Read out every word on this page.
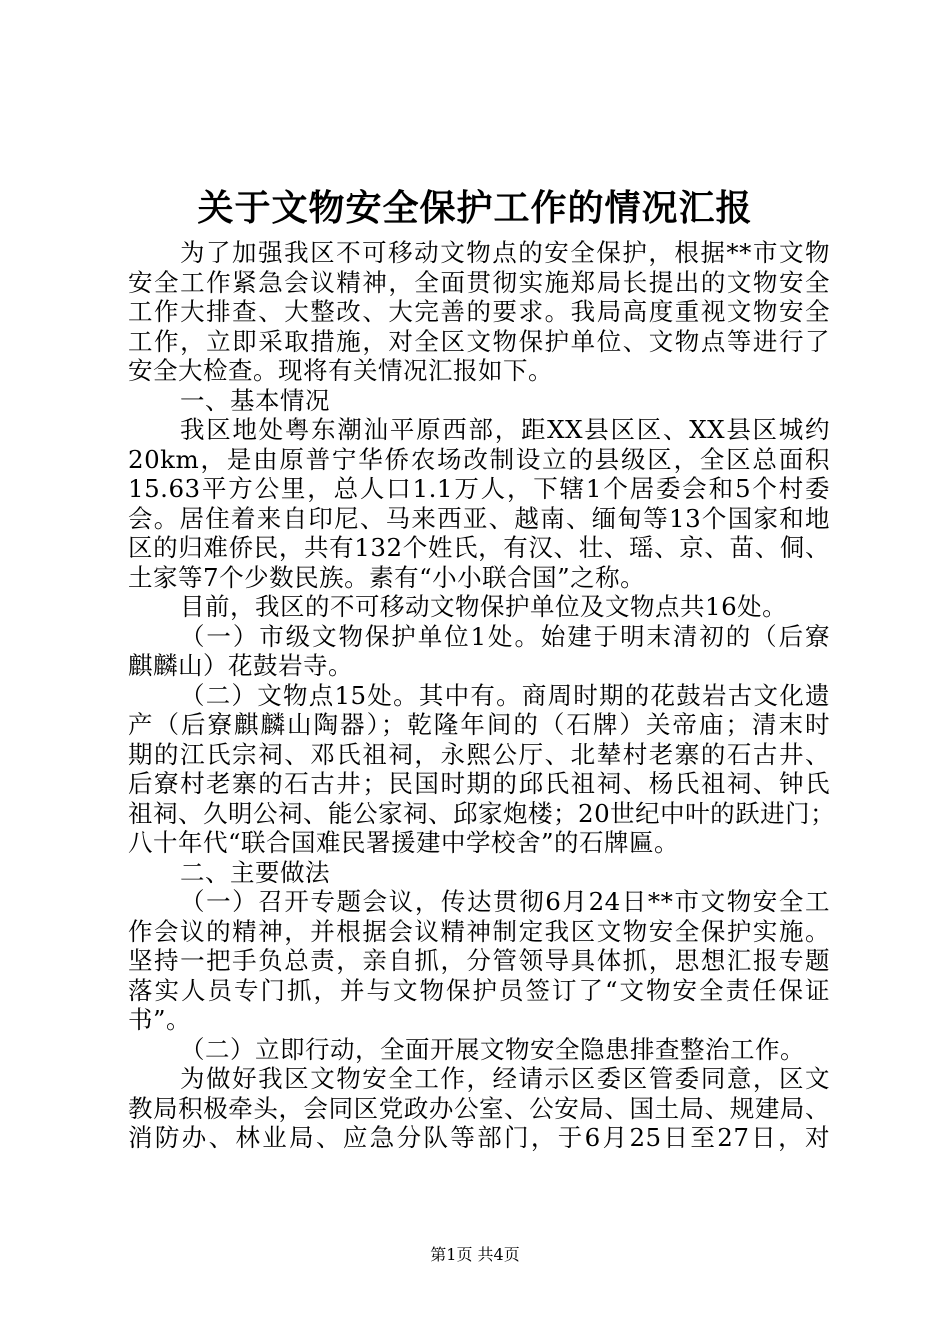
关于文物安全保护工作的情况汇报
为了加强我区不可移动文物点的安全保护，根据**市文物
安全工作紧急会议精神，全面贯彻实施郑局长提出的文物安全
工作大排查、大整改、大完善的要求。我局高度重视文物安全
工作，立即采取措施，对全区文物保护单位、文物点等进行了
安全大检查。现将有关情况汇报如下。
一、基本情况
我区地处粤东潮汕平原西部，距XX县区区、XX县区城约
20km，是由原普宁华侨农场改制设立的县级区，全区总面积
15.63平方公里，总人口1.1万人，下辖1个居委会和5个村委
会。居住着来自印尼、马来西亚、越南、缅甸等13个国家和地
区的归难侨民，共有132个姓氏，有汉、壮、瑶、京、苗、侗、
土家等7个少数民族。素有“小小联合国”之称。
目前，我区的不可移动文物保护单位及文物点共16处。
（一）市级文物保护单位1处。始建于明末清初的（后寮
麒麟山）花鼓岩寺。
（二）文物点15处。其中有。商周时期的花鼓岩古文化遗
产（后寮麒麟山陶器）；乾隆年间的（石牌）关帝庙；清末时
期的江氏宗祠、邓氏祖祠，永熙公厅、北辇村老寨的石古井、
后寮村老寨的石古井；民国时期的邱氏祖祠、杨氏祖祠、钟氏
祖祠、久明公祠、能公家祠、邱家炮楼；20世纪中叶的跃进门；
八十年代“联合国难民署援建中学校舍”的石牌匾。
二、主要做法
（一）召开专题会议，传达贯彻6月24日**市文物安全工
作会议的精神，并根据会议精神制定我区文物安全保护实施。
坚持一把手负总责，亲自抓，分管领导具体抓，思想汇报专题
落实人员专门抓，并与文物保护员签订了“文物安全责任保证
书”。
（二）立即行动，全面开展文物安全隐患排查整治工作。
为做好我区文物安全工作，经请示区委区管委同意，区文
教局积极牵头，会同区党政办公室、公安局、国土局、规建局、
消防办、林业局、应急分队等部门，于6月25日至27日，对
第1页 共4页
